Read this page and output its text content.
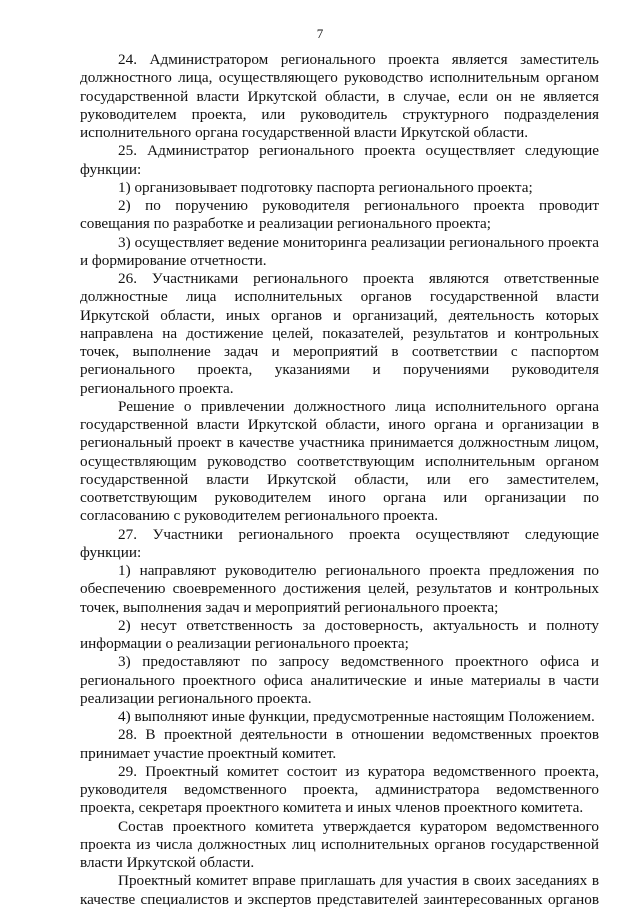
7

24. Администратором регионального проекта является заместитель должностного лица, осуществляющего руководство исполнительным органом государственной власти Иркутской области, в случае, если он не является руководителем проекта, или руководитель структурного подразделения исполнительного органа государственной власти Иркутской области.

25. Администратор регионального проекта осуществляет следующие функции:

1) организовывает подготовку паспорта регионального проекта;

2) по поручению руководителя регионального проекта проводит совещания по разработке и реализации регионального проекта;

3) осуществляет ведение мониторинга реализации регионального проекта и формирование отчетности.

26. Участниками регионального проекта являются ответственные должностные лица исполнительных органов государственной власти Иркутской области, иных органов и организаций, деятельность которых направлена на достижение целей, показателей, результатов и контрольных точек, выполнение задач и мероприятий в соответствии с паспортом регионального проекта, указаниями и поручениями руководителя регионального проекта.

Решение о привлечении должностного лица исполнительного органа государственной власти Иркутской области, иного органа и организации в региональный проект в качестве участника принимается должностным лицом, осуществляющим руководство соответствующим исполнительным органом государственной власти Иркутской области, или его заместителем, соответствующим руководителем иного органа или организации по согласованию с руководителем регионального проекта.

27. Участники регионального проекта осуществляют следующие функции:

1) направляют руководителю регионального проекта предложения по обеспечению своевременного достижения целей, результатов и контрольных точек, выполнения задач и мероприятий регионального проекта;

2) несут ответственность за достоверность, актуальность и полноту информации о реализации регионального проекта;

3) предоставляют по запросу ведомственного проектного офиса и регионального проектного офиса аналитические и иные материалы в части реализации регионального проекта.

4) выполняют иные функции, предусмотренные настоящим Положением.

28. В проектной деятельности в отношении ведомственных проектов принимает участие проектный комитет.

29. Проектный комитет состоит из куратора ведомственного проекта, руководителя ведомственного проекта, администратора ведомственного проекта, секретаря проектного комитета и иных членов проектного комитета.

Состав проектного комитета утверждается куратором ведомственного проекта из числа должностных лиц исполнительных органов государственной власти Иркутской области.

Проектный комитет вправе приглашать для участия в своих заседаниях в качестве специалистов и экспертов представителей заинтересованных органов
